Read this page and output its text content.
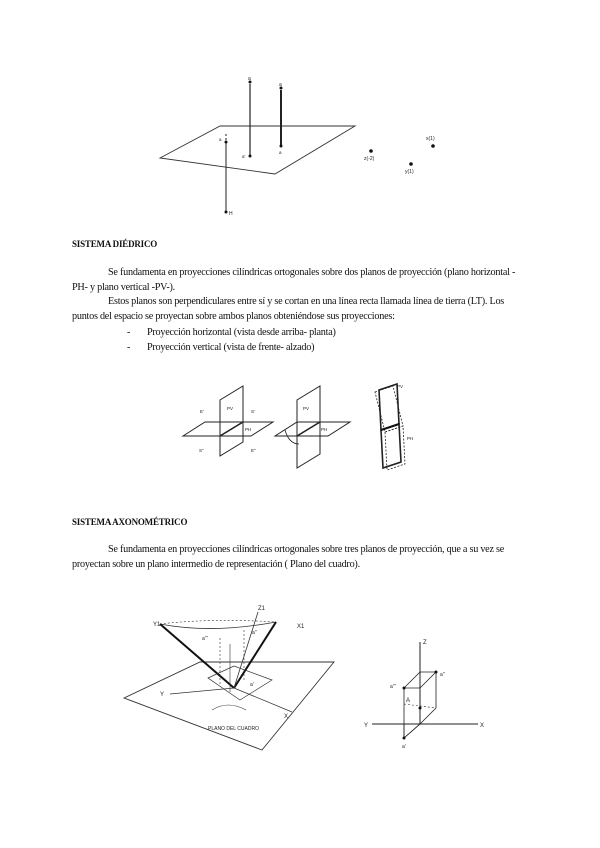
a
a
a'
a
a
H
z(-2)
x(1)
y(1)
SISTEMA DIÉDRICO
Se fundamenta en proyecciones cilíndricas ortogonales sobre dos planos de proyección (plano horizontal -PH- y plano vertical -PV-).
Estos planos son perpendiculares entre sí y se cortan en una línea recta llamada línea de tierra (LT). Los puntos del espacio se proyectan sobre ambos planos obteniéndose sus proyecciones:
-	Proyección horizontal (vista desde arriba- planta)
-	Proyección vertical (vista de frente- alzado)
PV
PH
E'	S'
S''	E''
PV
PH
PV
PH
SISTEMA AXONOMÉTRICO
Se fundamenta en proyecciones cilíndricas ortogonales sobre tres planos de proyección, que a su vez se proyectan sobre un plano intermedio de representación ( Plano del cuadro).
Z1
X1
Y1
Y
X
PLANO DEL CUADRO
a'''
a'
a''
Z
X
Y
a'''
a''
A
a'
